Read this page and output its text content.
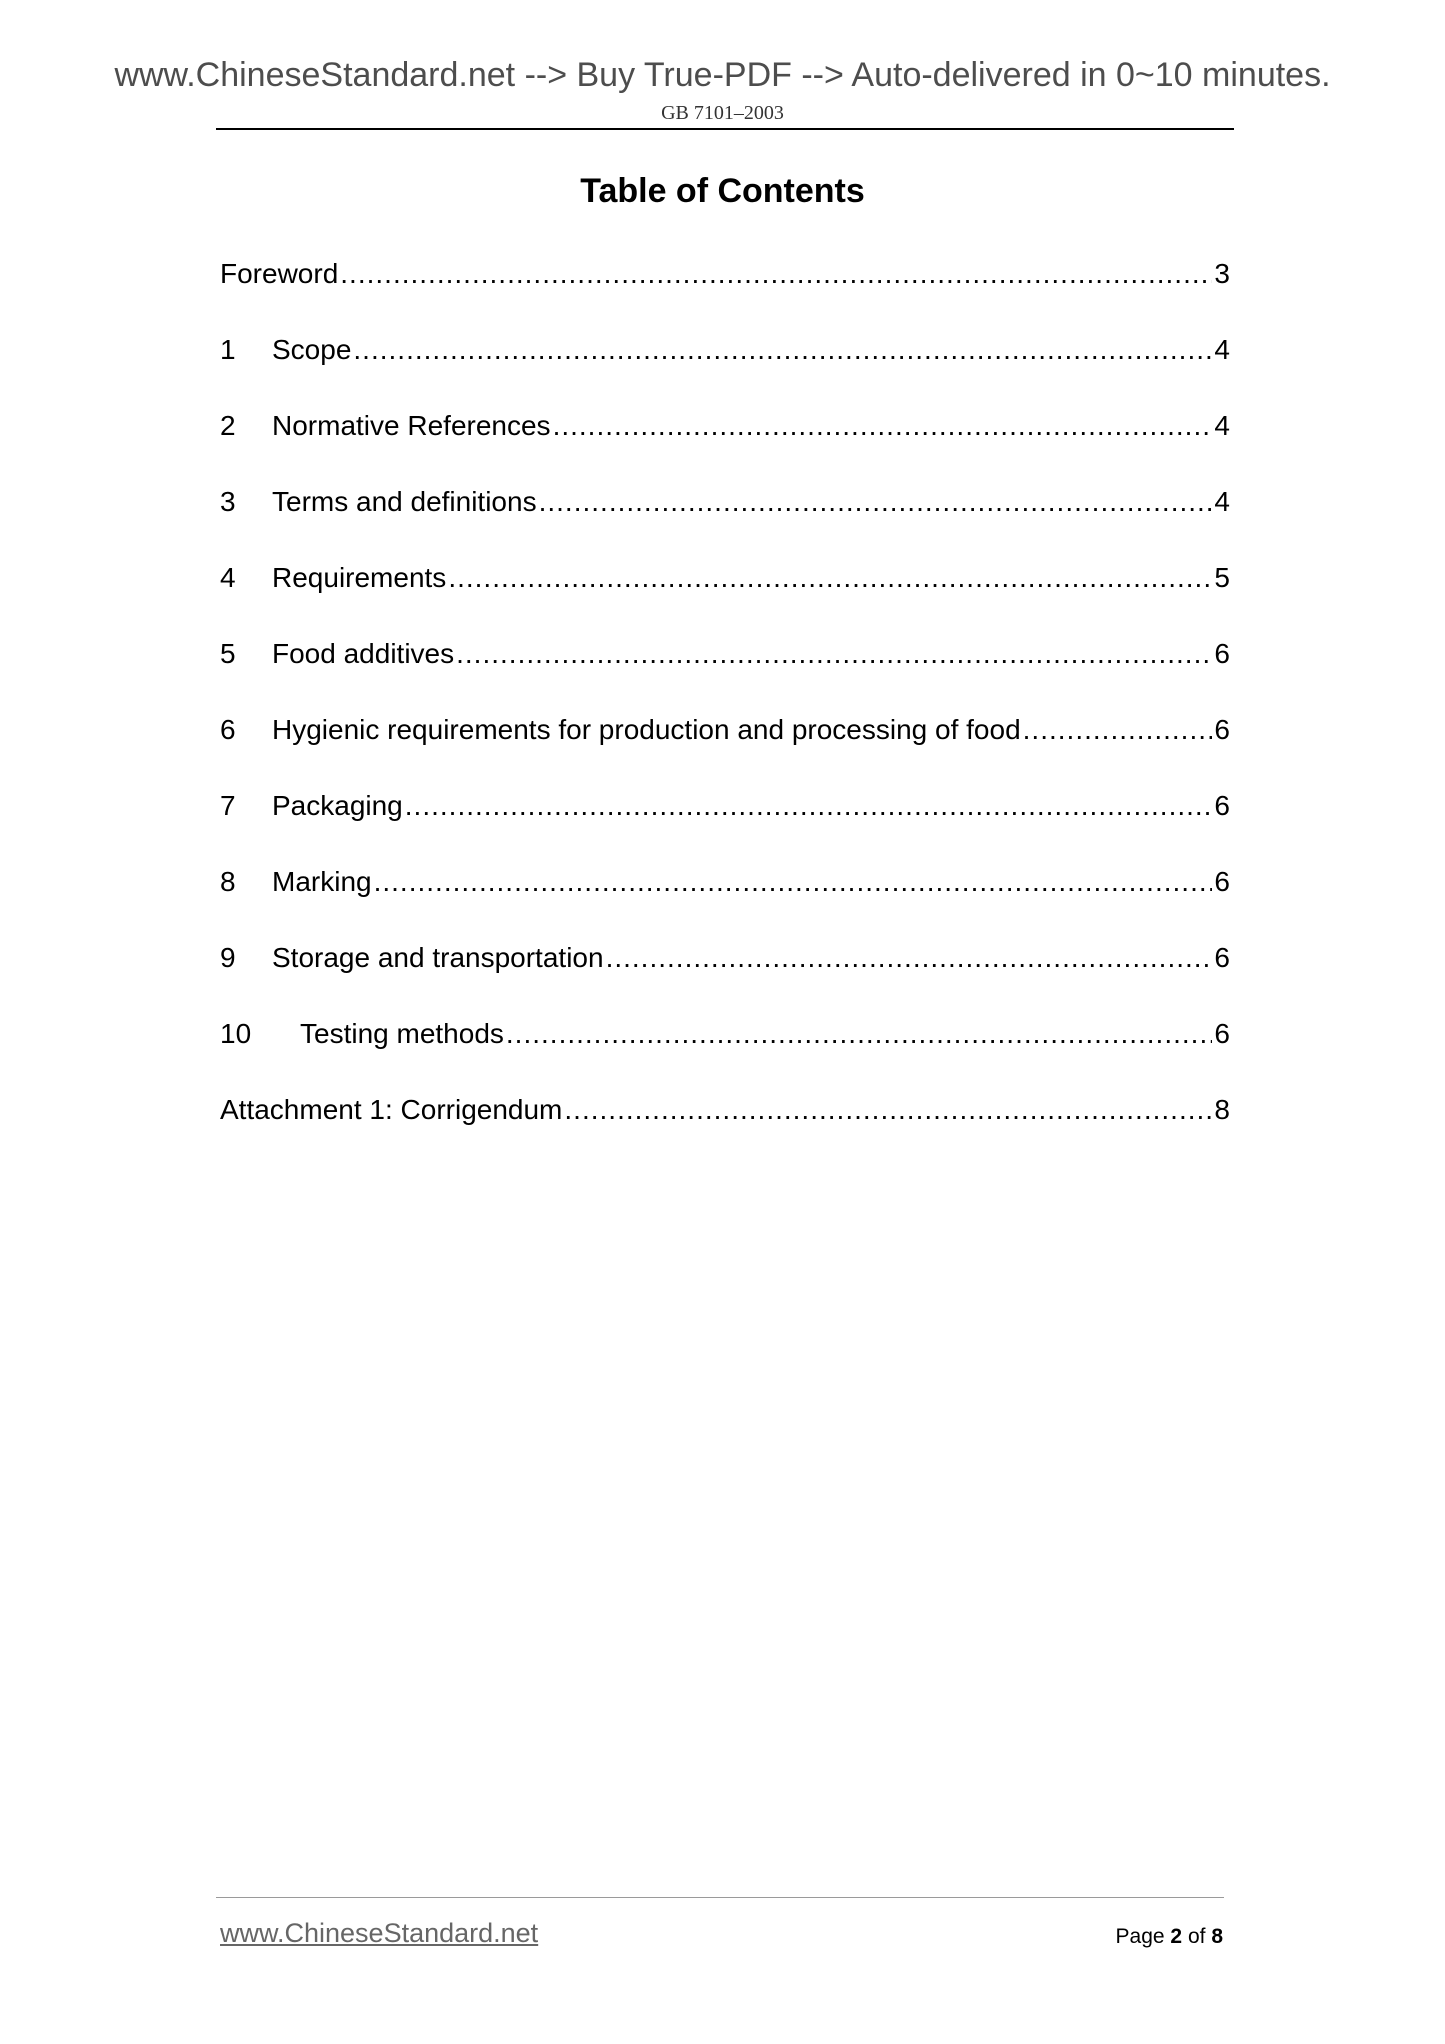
www.ChineseStandard.net --> Buy True-PDF --> Auto-delivered in 0~10 minutes.
GB 7101–2003
Table of Contents
Foreword .....	3
1	Scope .....	4
2	Normative References .....	4
3	Terms and definitions .....	4
4	Requirements .....	5
5	Food additives .....	6
6	Hygienic requirements for production and processing of food .....	6
7	Packaging .....	6
8	Marking .....	6
9	Storage and transportation .....	6
10	Testing methods .....	6
Attachment 1: Corrigendum .....	8
www.ChineseStandard.net	Page 2 of 8
